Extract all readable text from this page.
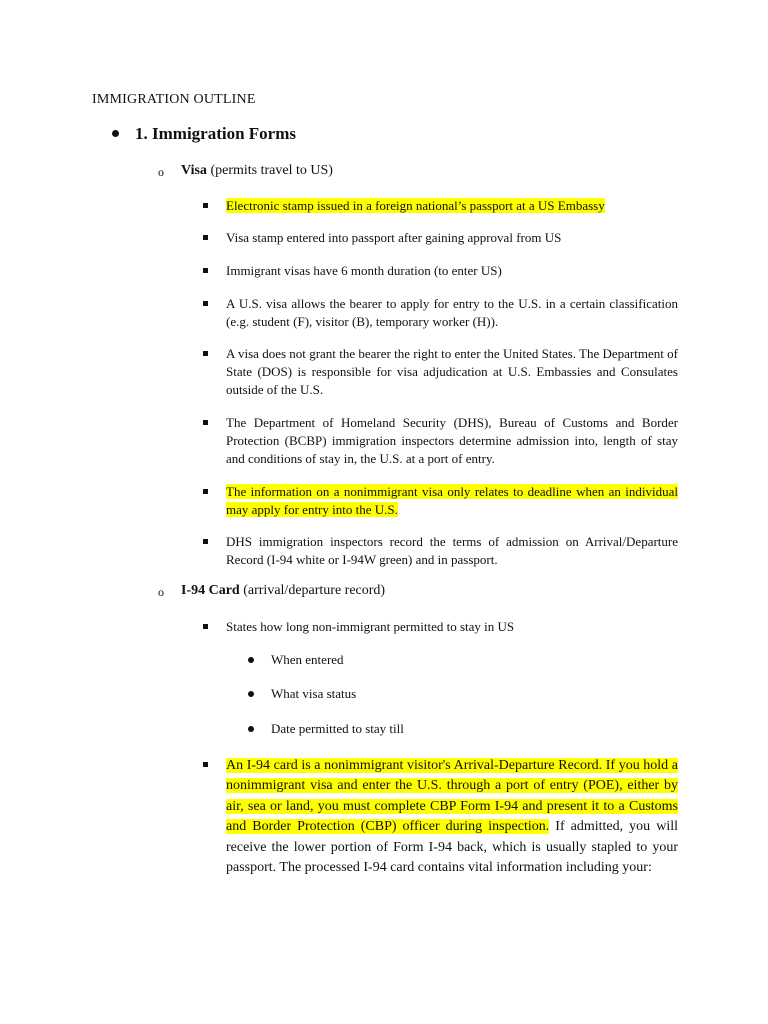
IMMIGRATION OUTLINE
1. Immigration Forms
o Visa (permits travel to US)
Electronic stamp issued in a foreign national’s passport at a US Embassy
Visa stamp entered into passport after gaining approval from US
Immigrant visas have 6 month duration (to enter US)
A U.S. visa allows the bearer to apply for entry to the U.S. in a certain classification (e.g. student (F), visitor (B), temporary worker (H)).
A visa does not grant the bearer the right to enter the United States. The Department of State (DOS) is responsible for visa adjudication at U.S. Embassies and Consulates outside of the U.S.
The Department of Homeland Security (DHS), Bureau of Customs and Border Protection (BCBP) immigration inspectors determine admission into, length of stay and conditions of stay in, the U.S. at a port of entry.
The information on a nonimmigrant visa only relates to deadline when an individual may apply for entry into the U.S.
DHS immigration inspectors record the terms of admission on Arrival/Departure Record (I-94 white or I-94W green) and in passport.
o I-94 Card (arrival/departure record)
States how long non-immigrant permitted to stay in US
When entered
What visa status
Date permitted to stay till
An I-94 card is a nonimmigrant visitor's Arrival-Departure Record. If you hold a nonimmigrant visa and enter the U.S. through a port of entry (POE), either by air, sea or land, you must complete CBP Form I-94 and present it to a Customs and Border Protection (CBP) officer during inspection. If admitted, you will receive the lower portion of Form I-94 back, which is usually stapled to your passport. The processed I-94 card contains vital information including your:
